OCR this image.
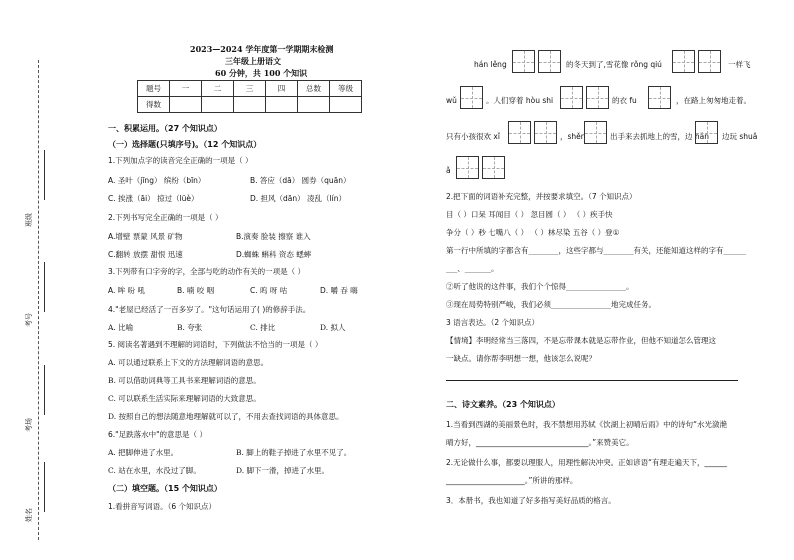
班级
考号
考场
姓名
2023—2024 学年度第一学期期末检测
三年级上册语文
60 分钟，共 100 个知识
题号	一	二	三	四	总数	等级
得数						
一、积累运用。（27 个知识点）
（一）选择题(只填序号)。（12 个知识点）
1.下列加点字的读音完全正确的一项是（ ）
A. 圣叶（jīng） 缤纷（bīn）	B. 答应（dā） 圆券（quān）
C. 挨涨（āi） 掠过（lüè）	D. 担风（dān） 凌乱（lín）
2.下列书写完全正确的一项是（ ）
A.增壁 票蒙 风景 矿物	B.演奏 脸装 擦察 谁入
C.翻转 放摆 甜恨 迅速	D.蜘蛛 蝌科 资态 蟋蟀
3.下列带有口字旁的字，全部与吃的动作有关的一项是（ ）
A. 哞 吩 吼	B. 喃 咬 咽	C. 呜 呀 咕	D. 嚼 吞 嗨
4."老屋已经活了一百多岁了。"这句话运用了( )的修辞手法。
A. 比喻	B. 夸张	C. 排比	D. 拟人
5. 阅读名著遇到不理解的词语时，下列做法不恰当的一项是（ ）
A. 可以通过联系上下文的方法理解词语的意思。
B. 可以借助词典等工具书来理解词语的意思。
C. 可以联系生活实际来理解词语的大致意思。
D. 按照自己的想法随意地理解就可以了，不用去查找词语的具体意思。
6."足跌落水中"的意思是（ ）
A. 把脚伸进了水里。	B. 脚上的鞋子掉进了水里不见了。
C. 站在水里，水没过了脚。	D. 脚下一滑，掉进了水里。
（二）填空题。（15 个知识点）
1.看拼音写词语。（6 个知识点）
hán lěng	的冬天到了,雪花像 rǒng qiú	一样飞
wǔ	。人们穿着 hòu shi	的衣 fu	，在路上匆匆地走着。
只有小孩很欢 xǐ	，shěn	出手来去抓地上的雪，边 hǎn 边玩 shuǎ
ǎ
2.把下面的词语补充完整，并按要求填空。（7 个知识点）
目（ ）口呆 耳闻目（ ） 忽目圆（ ） （ ）疾手快
争分（ ）秒 七嘴八（ ） （ ）林尽染 五谷（ ）登①
第一行中所填的字都含有________，这些字都与________有关，还能知道这样的字有______
___、_______。
②听了他说的这件事，我们个个惊得________________。
③现在局势特别严峻，我们必须________________地完成任务。
3 语言表达。（2 个知识点）
【情境】李明经常当三落四，不是忘带课本就是忘带作业，但他不知道怎么管理这
一缺点。请你帮李明想一想，他该怎么说呢？
二、诗文素养。（23 个知识点）
1.当看到西湖的美丽景色时，我不禁想用苏轼《饮湖上初晴后雨》中的诗句“水光潋滟
晴方好，______________________________。”来赞美它。
2.无论做什么事，都要以理服人，用理性解决冲突。正如谚语“有理走遍天下，______
_____________________。”所讲的那样。
3．本册书，我也知道了好多指写美好品质的格言。
